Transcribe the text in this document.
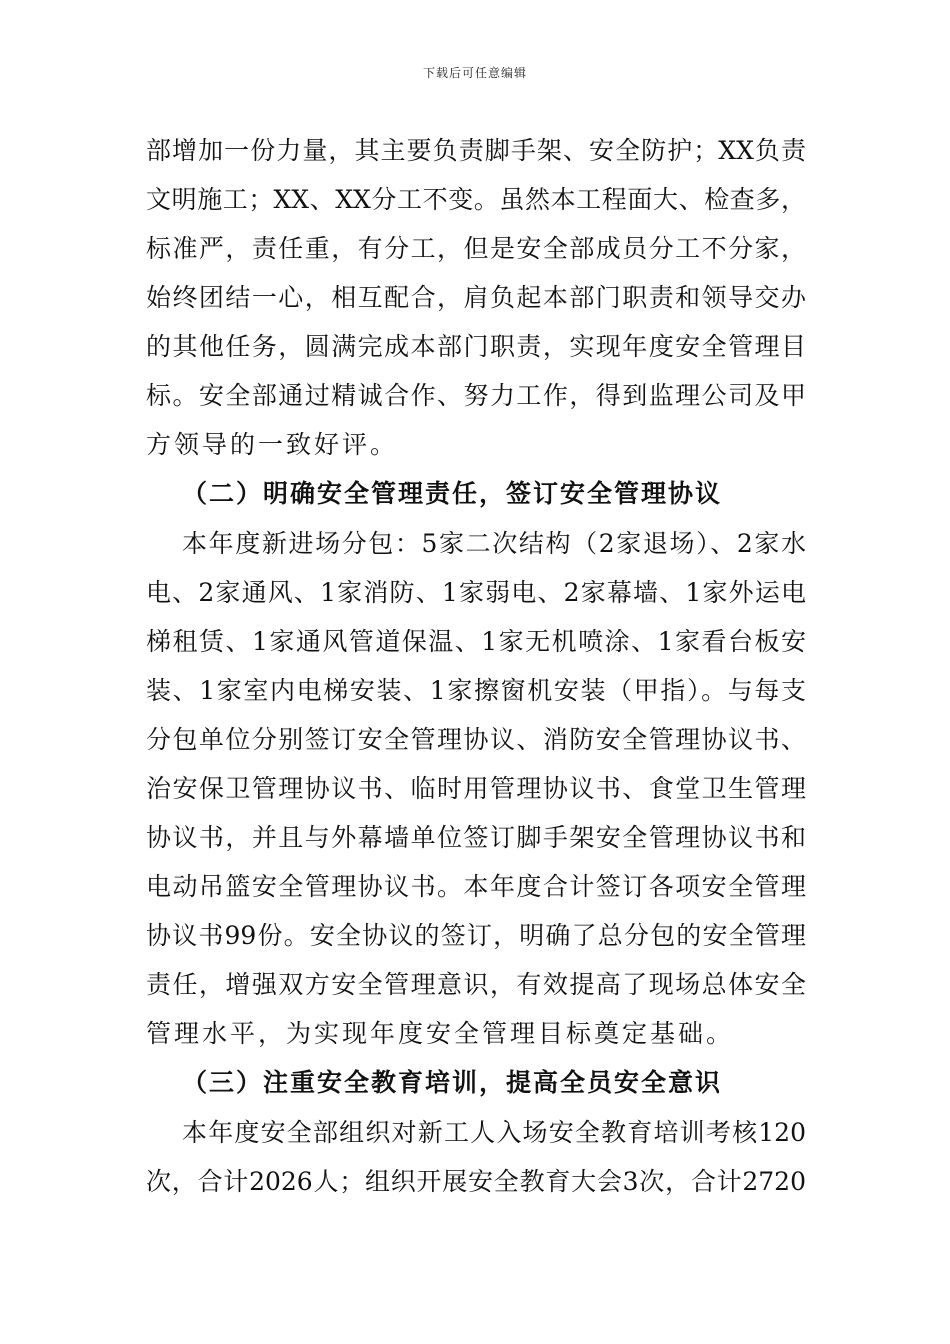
下载后可任意编辑
部增加一份力量，其主要负责脚手架、安全防护；XX负责
文明施工；XX、XX分工不变。虽然本工程面大、检查多，
标准严，责任重，有分工，但是安全部成员分工不分家，
始终团结一心，相互配合，肩负起本部门职责和领导交办
的其他任务，圆满完成本部门职责，实现年度安全管理目
标。安全部通过精诚合作、努力工作，得到监理公司及甲
方领导的一致好评。
（二）明确安全管理责任，签订安全管理协议
本年度新进场分包：5家二次结构（2家退场）、2家水
电、2家通风、1家消防、1家弱电、2家幕墙、1家外运电
梯租赁、1家通风管道保温、1家无机喷涂、1家看台板安
装、1家室内电梯安装、1家擦窗机安装（甲指）。与每支
分包单位分别签订安全管理协议、消防安全管理协议书、
治安保卫管理协议书、临时用管理协议书、食堂卫生管理
协议书，并且与外幕墙单位签订脚手架安全管理协议书和
电动吊篮安全管理协议书。本年度合计签订各项安全管理
协议书99份。安全协议的签订，明确了总分包的安全管理
责任，增强双方安全管理意识，有效提高了现场总体安全
管理水平，为实现年度安全管理目标奠定基础。
（三）注重安全教育培训，提高全员安全意识
本年度安全部组织对新工人入场安全教育培训考核120
次，合计2026人；组织开展安全教育大会3次，合计2720
